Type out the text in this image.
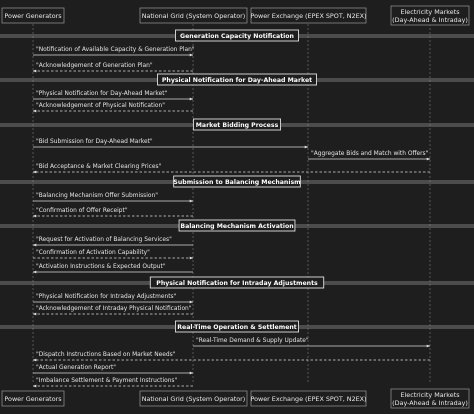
Power Generators	National Grid (System Operator) Power Exchange (EPEX SPOT, N2EX)	Electricity Markets
(Day-Ahead & Intraday)
Power Generators	National Grid (System Operator) Power Exchange (EPEX SPOT, N2EX)	Electricity Markets
(Day-Ahead & Intraday)
Generation Capacity Notification
"Notification of Available Capacity & Generation Plan"
"Acknowledgement of Generation Plan"
Physical Notification for Day-Ahead Market
"Physical Notification for Day-Ahead Market"
"Acknowledgement of Physical Notification"
Market Bidding Process
"Bid Submission for Day-Ahead Market"
"Aggregate Bids and Match with Offers"
"Bid Acceptance & Market Clearing Prices"
Submission to Balancing Mechanism
"Balancing Mechanism Offer Submission"
"Confirmation of Offer Receipt"
Balancing Mechanism Activation
"Request for Activation of Balancing Services"
"Confirmation of Activation Capability"
"Activation Instructions & Expected Output"
Physical Notification for Intraday Adjustments
"Physical Notification for Intraday Adjustments"
"Acknowledgement of Intraday Physical Notification"
Real-Time Operation & Settlement
"Real-Time Demand & Supply Update"
"Dispatch Instructions Based on Market Needs"
"Actual Generation Report"
"Imbalance Settlement & Payment Instructions"
